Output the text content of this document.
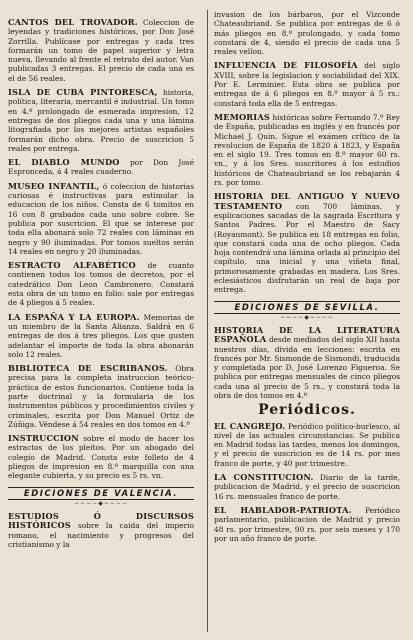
CANTOS DEL TROVADOR. Coleccion de leyendas y tradiciones históricas, por Don José Zorrilla. Publícase por entregas y cada tres formarán un tomo de papel superior y letra nueva, llevando al frente el retrato del autor. Van publicadas 3 entregas. El precio de cada una es el de 56 reales.
ISLA DE CUBA PINTORESCA, historia, política, literaria, mercantil é industrial. Un tomo en 4.º prolongado de esmerada impresion, 12 entregas de dos pliegos cada una y una lámina litografiada por los mejores artistas españoles formarán dicho obra. Precio de suscricion 5 reales por entrega.
EL DIABLO MUNDO por Don José Espronceda, á 4 reales cuaderno.
MUSEO INFANTIL, ó coleccion de historias curiosas é instructivas para estimular la educacion de los niños. Consta de 6 tomitos en 16 con 8 grabados cada uno sobre cobre. Se publica por suscricion. El que se interese por toda ella abonará solo 72 reales con láminas en negro y 90 iluminadas. Por tomos sueltos serán 14 reales en negro y 20 iluminadas.
ESTRACTO ALFABÉTICO de cuanto contienen todos los tomos de decretos, por el catedrático Don Leon Cambronero. Constará esta obra de un tomo en folio: sale por entregas de 4 pliegos á 5 reales.
LA ESPAÑA Y LA EUROPA. Memorias de un miembro de la Santa Alianza. Saldrá en 6 entregas de dos á tres pliegos. Los que gusten adelantar el importe de toda la obra abonarán solo 12 reales.
BIBLIOTECA DE ESCRIBANOS. Obra precisa para la completa instruccion teórico-práctica de estos funcionarios. Contiene toda la parte doctrinal y la formularia de los instrumentos públicos y procedimientos civiles y criminales, escrita por Don Manuel Ortiz de Zúñiga. Véndese á 54 reales en dos tomos en 4.º
INSTRUCCION sobre el modo de hacer los estractos de los pleitos. Por un abogado del colegio de Madrid. Consta este folleto de 4 pliegos de impresion en 8.º marquilla con una elegante cubierta, y su precio es 5 rs. vn.
EDICIONES DE VALENCIA.
∼∼∼∼◆∼∼∼∼
ESTUDIOS Ó DISCURSOS HISTÓRICOS sobre la caida del imperio romano, el nacimiento y progresos del cristianismo y la
invasion de los bárbaros, por el Vizconde Chateaubriand. Se publica por entregas de 6 ó más pliegos en 8.º prolongado, y cada tomo constará de 4, siendo el precio de cada una 5 reales vellon.
INFLUENCIA DE FILOSOFÍA del siglo XVIII, sobre la legislacion y sociabilidad del XIX. Por E. Lerminier. Esta obra se publica por entregas de á 6 pliegos en 8.º mayor á 5 rs.: constará toda ella de 5 entregas.
MEMORIAS históricas sobre Fernando 7.º Rey de España, publicadas en inglés y en francés por Michael J. Quin. Sigue el exámen crítico de la revolucion de España de 1820 á 1823, y España en el siglo 19. Tres tomos en 8.º mayor 60 rs. vn., y á los Sres. suscritores á los estudios históricos de Chateaubriand se los rebajarán 4 rs. por tomo.
HISTORIA DEL ANTIGUO Y NUEVO TESTAMENTO con 700 láminas, y esplicaciones sacadas de la sagrada Escritura y Santos Padres. Por el Maestro de Sacy (Royaumont). Se publica en 18 entregas en folio, que constará cada una de ocho pliegos. Cada hoja contendrá una lámina orlada al principio del capítulo, una inicial y una viñeta final, primorosamente grabadas en madera. Los Sres. eclesiásticos disfrutarán un real de baja por entrega.
EDICIONES DE SEVILLA.
∼∼∼∼◆∼∼∼∼
HISTORIA DE LA LITERATURA ESPAÑOLA desde mediados del siglo XII hasta nuestros días, divida en lecciones: escrita en francés por Mr. Sismonde de Sismondi, traducida y completada por D. José Lorenzo Figueroa. Se publica por entregas mensuales de cinco pliegos cada una al precio de 5 rs., y constará toda la obra de dos tomos en 4.º
Periódicos.
EL CANGREJO. Periódico político-burlesco, al nivel de las actuales circunstancias. Se publica en Madrid todas las tardes, menos los domingos, y el precio de suscricion es de 14 rs. por mes franco de porte, y 40 por trimestre.
LA CONSTITUCION. Diario de la tarde, publicacion de Madrid, y el precio de suscricion 16 rs. mensuales franco de porte.
EL HABLADOR-PATRIOTA. Periódico parlamentario, publicacion de Madrid y precio 48 rs. por trimestre, 90 rs. por seis meses y 170 por un año franco de porte.
